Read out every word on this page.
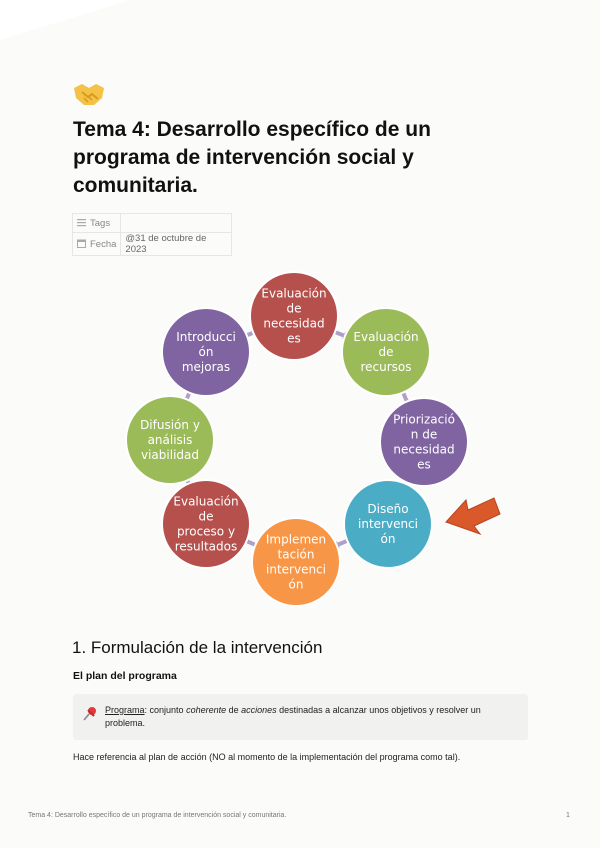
Tema 4: Desarrollo específico de un programa de intervención social y comunitaria.
Tags	
Fecha	@31 de octubre de 2023
Evaluación
de
necesidad
es	Evaluación
de
recursos
Priorizació
n de
necesidad
es
Diseño
intervenci
ón
Implemen
tación
intervenci
ón
Evaluación
de
proceso y
resultados
Difusión y
análisis
viabilidad
Introducci
ón
mejoras
1. Formulación de la intervención
El plan del programa
Programa: conjunto coherente de acciones destinadas a alcanzar unos objetivos y resolver un problema.

Hace referencia al plan de acción (NO al momento de la implementación del programa como tal).

Tema 4: Desarrollo específico de un programa de intervención social y comunitaria.	1
